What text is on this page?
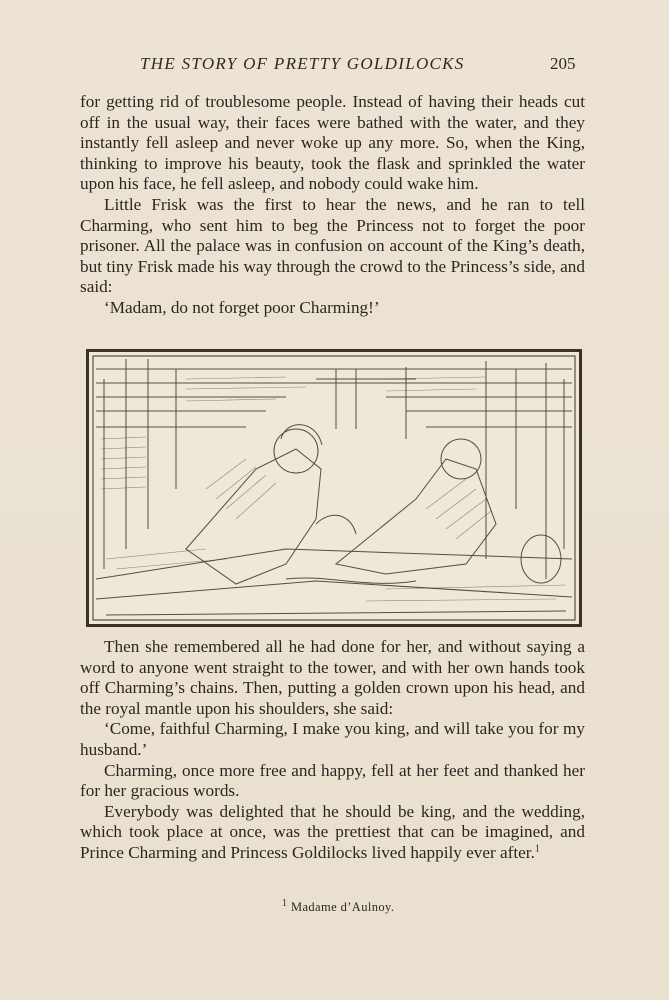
THE STORY OF PRETTY GOLDILOCKS	205

for getting rid of troublesome people. Instead of having their heads cut off in the usual way, their faces were bathed with the water, and they instantly fell asleep and never woke up any more. So, when the King, thinking to improve his beauty, took the flask and sprinkled the water upon his face, he fell asleep, and nobody could wake him.

Little Frisk was the first to hear the news, and he ran to tell Charming, who sent him to beg the Princess not to forget the poor prisoner. All the palace was in confusion on account of the King’s death, but tiny Frisk made his way through the crowd to the Princess’s side, and said:

‘Madam, do not forget poor Charming!’

Then she remembered all he had done for her, and without saying a word to anyone went straight to the tower, and with her own hands took off Charming’s chains. Then, putting a golden crown upon his head, and the royal mantle upon his shoulders, she said:

‘Come, faithful Charming, I make you king, and will take you for my husband.’

Charming, once more free and happy, fell at her feet and thanked her for her gracious words.

Everybody was delighted that he should be king, and the wedding, which took place at once, was the prettiest that can be imagined, and Prince Charming and Princess Goldilocks lived happily ever after.$^1$

$^1$ Madame d’Aulnoy.
